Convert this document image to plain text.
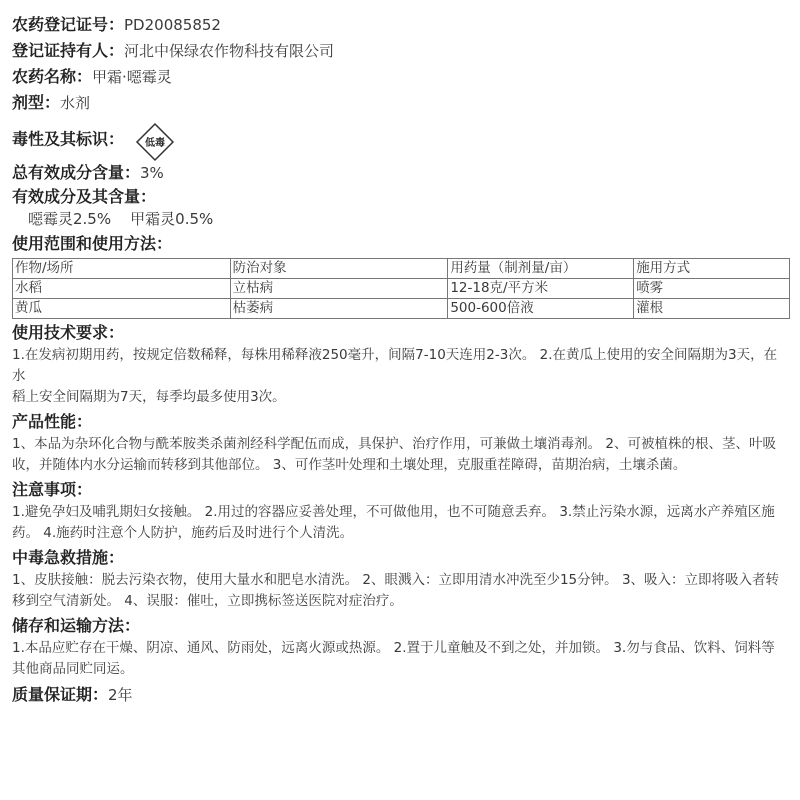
农药登记证号：PD20085852
登记证持有人：河北中保绿农作物科技有限公司
农药名称：甲霜·噁霉灵
剂型：水剂
毒性及其标识： 低毒
总有效成分含量：3%
有效成分及其含量：
噁霉灵2.5%    甲霜灵0.5%
使用范围和使用方法：
作物/场所	防治对象	用药量（制剂量/亩）	施用方式
水稻	立枯病	12-18克/平方米	喷雾
黄瓜	枯萎病	500-600倍液	灌根
使用技术要求：
1.在发病初期用药，按规定倍数稀释，每株用稀释液250毫升，间隔7-10天连用2-3次。 2.在黄瓜上使用的安全间隔期为3天，在水
稻上安全间隔期为7天，每季均最多使用3次。
产品性能：
1、本品为杂环化合物与酰苯胺类杀菌剂经科学配伍而成，具保护、治疗作用，可兼做土壤消毒剂。 2、可被植株的根、茎、叶吸
收，并随体内水分运输而转移到其他部位。 3、可作茎叶处理和土壤处理，克服重茬障碍，苗期治病，土壤杀菌。
注意事项：
1.避免孕妇及哺乳期妇女接触。 2.用过的容器应妥善处理，不可做他用，也不可随意丢弃。 3.禁止污染水源，远离水产养殖区施
药。 4.施药时注意个人防护，施药后及时进行个人清洗。
中毒急救措施：
1、皮肤接触：脱去污染衣物，使用大量水和肥皂水清洗。 2、眼溅入：立即用清水冲洗至少15分钟。 3、吸入：立即将吸入者转
移到空气清新处。 4、误服：催吐，立即携标签送医院对症治疗。
储存和运输方法：
1.本品应贮存在干燥、阴凉、通风、防雨处，远离火源或热源。 2.置于儿童触及不到之处，并加锁。 3.勿与食品、饮料、饲料等
其他商品同贮同运。
质量保证期：2年
